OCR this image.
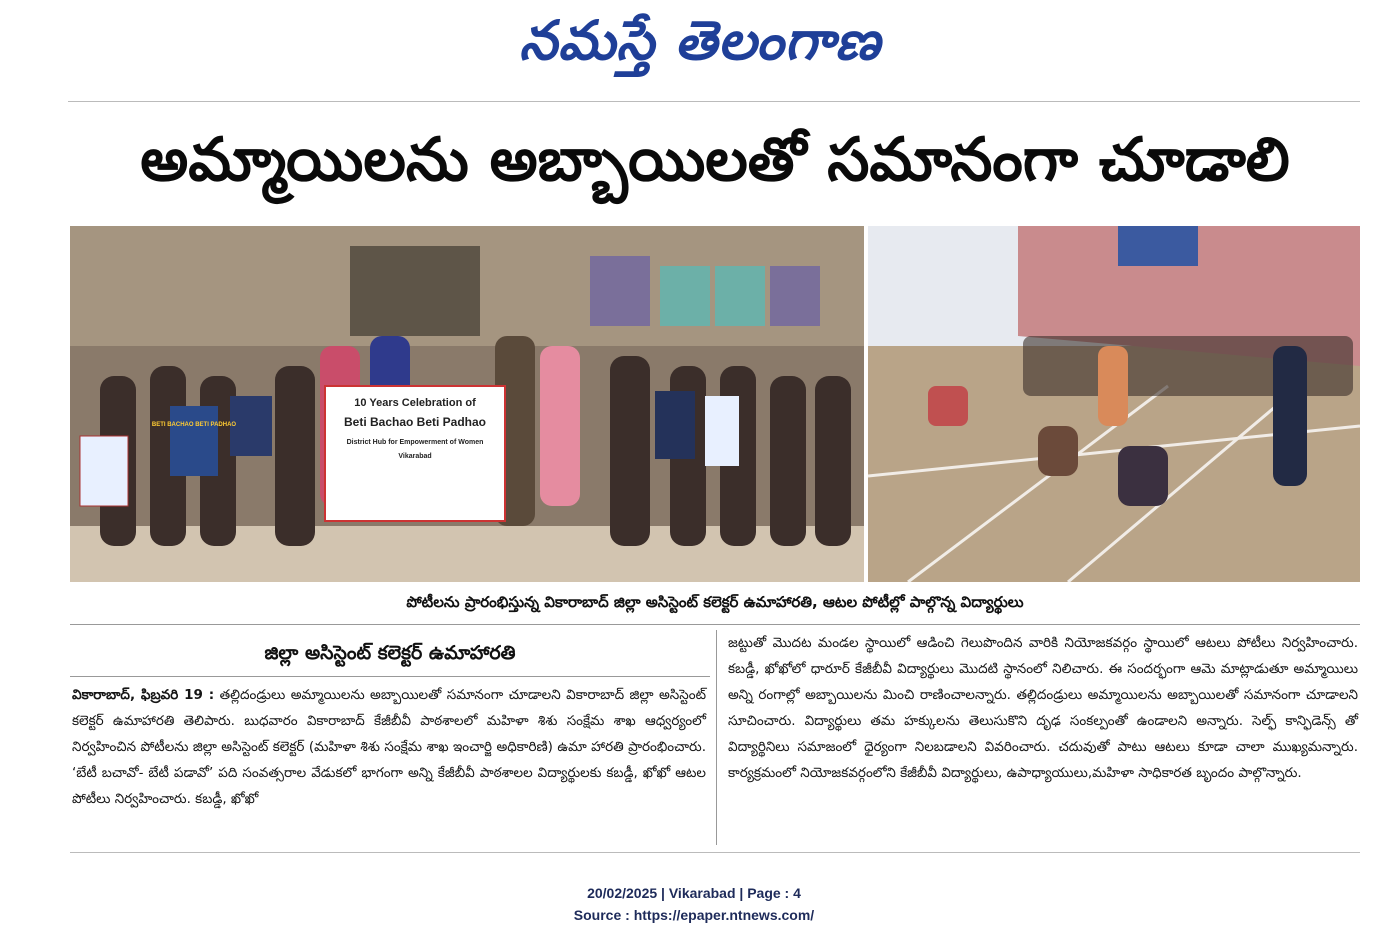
నమస్తే తెలంగాణ
అమ్మాయిలను అబ్బాయిలతో సమానంగా చూడాలి
10 Years Celebration of
Beti Bachao Beti Padhao
District Hub for Empowerment of Women
Vikarabad
BETI BACHAO BETI PADHAO
పోటీలను ప్రారంభిస్తున్న వికారాబాద్ జిల్లా అసిస్టెంట్ కలెక్టర్ ఉమాహారతి, ఆటల పోటీల్లో పాల్గొన్న విద్యార్థులు
జిల్లా అసిస్టెంట్ కలెక్టర్ ఉమాహారతి

వికారాబాద్, ఫిబ్రవరి 19 : తల్లిదండ్రులు అమ్మాయిలను అబ్బాయిలతో సమానంగా చూడాలని వికారాబాద్ జిల్లా అసిస్టెంట్ కలెక్టర్ ఉమాహారతి తెలిపారు. బుధవారం వికారాబాద్ కేజీబీవీ పాఠశాలలో మహిళా శిశు సంక్షేమ శాఖ ఆధ్వర్యంలో నిర్వహించిన పోటీలను జిల్లా అసిస్టెంట్ కలెక్టర్ (మహిళా శిశు సంక్షేమ శాఖ ఇంచార్జి అధికారిణి) ఉమా హారతి ప్రారంభించారు. ‘బేటీ బచావో- బేటీ పడావో’ పది సంవత్సరాల వేడుకలో భాగంగా అన్ని కేజీబీవీ పాఠశాలల విద్యార్థులకు కబడ్డీ, ఖోఖో ఆటల పోటీలు నిర్వహించారు. కబడ్డీ, ఖోఖో

జట్టుతో మొదట మండల స్థాయిలో ఆడించి గెలుపొందిన వారికి నియోజకవర్గం స్థాయిలో ఆటలు పోటీలు నిర్వహించారు. కబడ్డీ, ఖోఖోలో ధారూర్ కేజీబీవీ విద్యార్థులు మొదటి స్థానంలో నిలిచారు. ఈ సందర్భంగా ఆమె మాట్లాడుతూ అమ్మాయిలు అన్ని రంగాల్లో అబ్బాయిలను మించి రాణించాలన్నారు. తల్లిదండ్రులు అమ్మాయిలను అబ్బాయిలతో సమానంగా చూడాలని సూచించారు. విద్యార్థులు తమ హక్కులను తెలుసుకొని దృఢ సంకల్పంతో ఉండాలని అన్నారు. సెల్ఫ్ కాన్ఫిడెన్స్ తో విద్యార్థినిలు సమాజంలో ధైర్యంగా నిలబడాలని వివరించారు. చదువుతో పాటు ఆటలు కూడా చాలా ముఖ్యమన్నారు. కార్యక్రమంలో నియోజకవర్గంలోని కేజీబీవీ విద్యార్థులు, ఉపాధ్యాయులు,మహిళా సాధికారత బృందం పాల్గొన్నారు.

20/02/2025 | Vikarabad | Page : 4
Source : https://epaper.ntnews.com/
